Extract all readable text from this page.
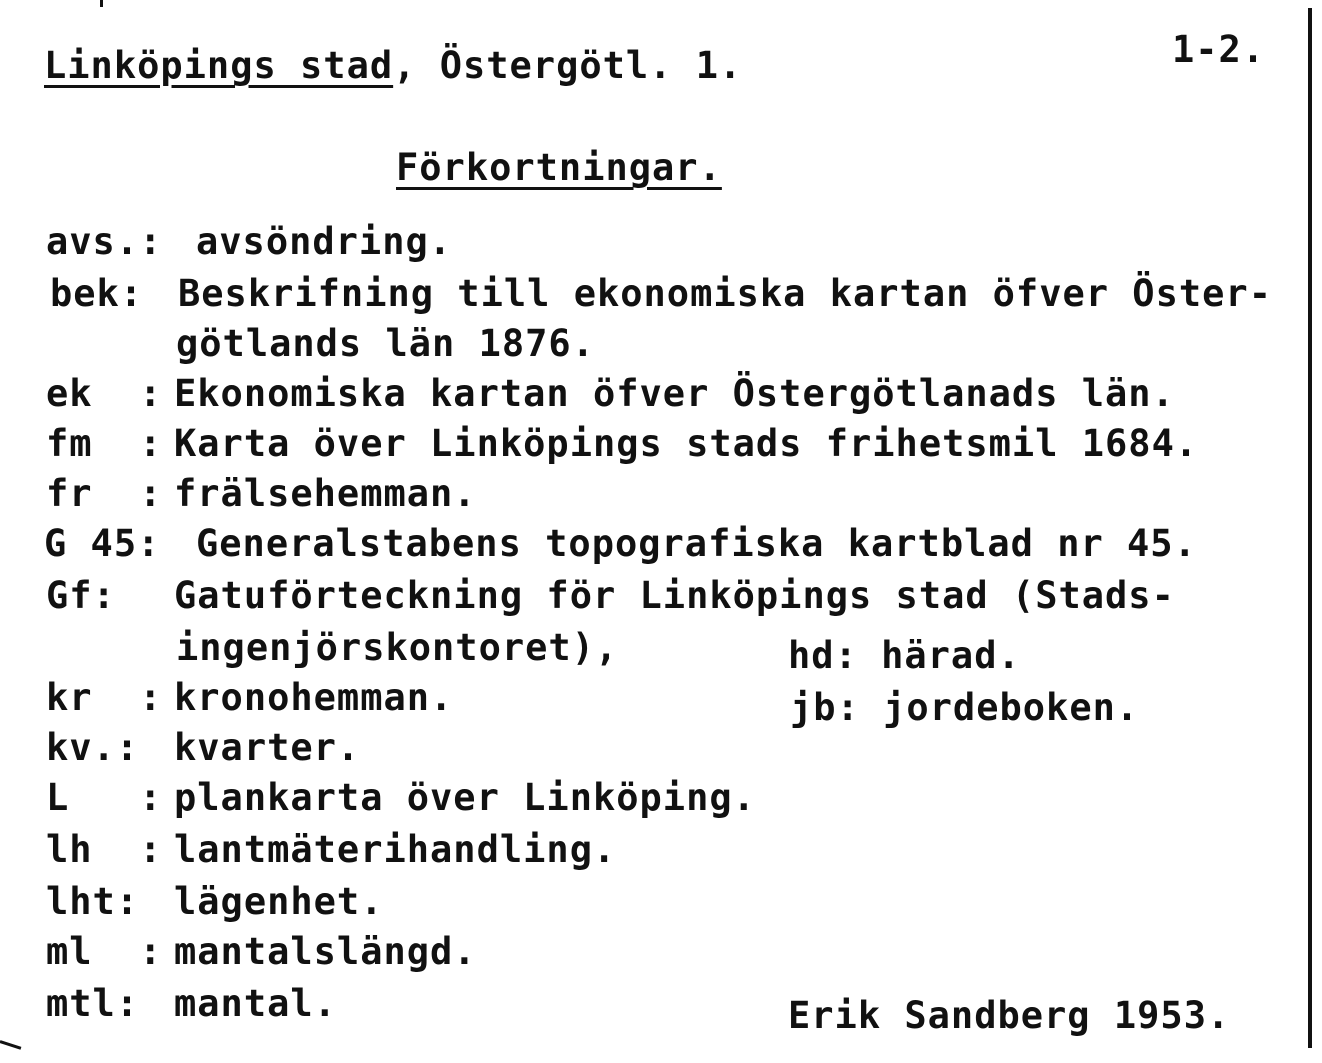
Linköpings stad, Östergötl. 1.	1-2.
Förkortningar.
avs.: avsöndring.
bek: Beskrifning till ekonomiska kartan öfver Öster-
götlands län 1876.
ek  : Ekonomiska kartan öfver Östergötlanads län.
fm  : Karta över Linköpings stads frihetsmil 1684.
fr  : frälsehemman.
G 45: Generalstabens topografiska kartblad nr 45.
Gf: Gatuförteckning för Linköpings stad (Stads-
ingenjörskontoret),	hd: härad.
kr  : kronohemman.	jb: jordeboken.
kv.: kvarter.
L   : plankarta över Linköping.
lh  : lantmäterihandling.
lht: lägenhet.
ml  : mantalslängd.
mtl: mantal.	Erik Sandberg 1953.
